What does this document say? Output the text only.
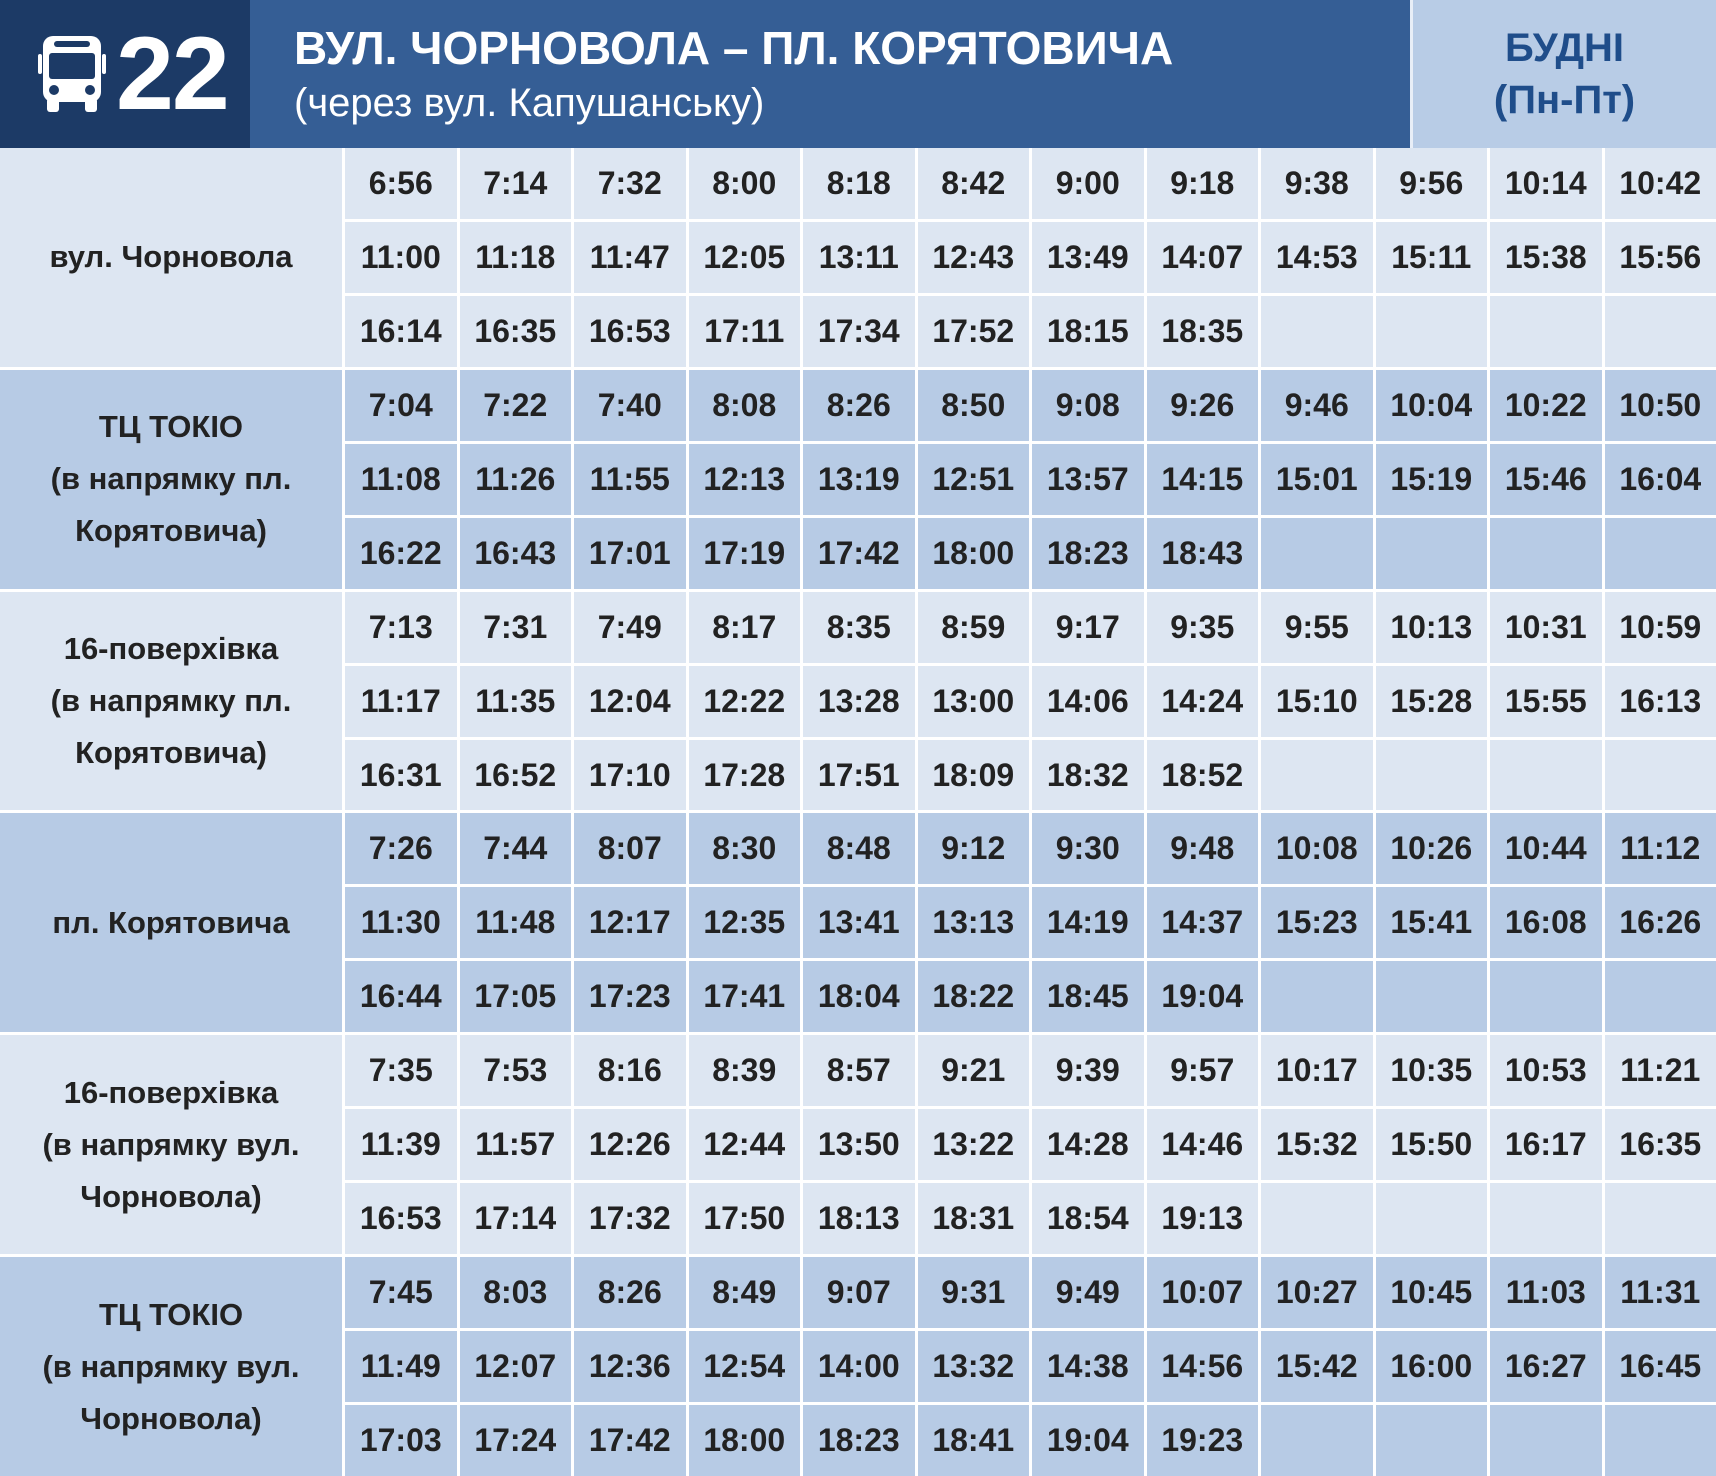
22 ВУЛ. ЧОРНОВОЛА – ПЛ. КОРЯТОВИЧА
(через вул. Капушанську)
БУДНІ
(Пн-Пт)
вул. Чорновола
6:56	7:14	7:32	8:00	8:18	8:42	9:00	9:18	9:38	9:56	10:14	10:42
11:00	11:18	11:47	12:05	13:11	12:43	13:49	14:07	14:53	15:11	15:38	15:56
16:14	16:35	16:53	17:11	17:34	17:52	18:15	18:35
ТЦ ТОКІО
(в напрямку пл.
Корятовича)
7:04	7:22	7:40	8:08	8:26	8:50	9:08	9:26	9:46	10:04	10:22	10:50
11:08	11:26	11:55	12:13	13:19	12:51	13:57	14:15	15:01	15:19	15:46	16:04
16:22	16:43	17:01	17:19	17:42	18:00	18:23	18:43
16-поверхівка
(в напрямку пл.
Корятовича)
7:13	7:31	7:49	8:17	8:35	8:59	9:17	9:35	9:55	10:13	10:31	10:59
11:17	11:35	12:04	12:22	13:28	13:00	14:06	14:24	15:10	15:28	15:55	16:13
16:31	16:52	17:10	17:28	17:51	18:09	18:32	18:52
пл. Корятовича
7:26	7:44	8:07	8:30	8:48	9:12	9:30	9:48	10:08	10:26	10:44	11:12
11:30	11:48	12:17	12:35	13:41	13:13	14:19	14:37	15:23	15:41	16:08	16:26
16:44	17:05	17:23	17:41	18:04	18:22	18:45	19:04
16-поверхівка
(в напрямку вул.
Чорновола)
7:35	7:53	8:16	8:39	8:57	9:21	9:39	9:57	10:17	10:35	10:53	11:21
11:39	11:57	12:26	12:44	13:50	13:22	14:28	14:46	15:32	15:50	16:17	16:35
16:53	17:14	17:32	17:50	18:13	18:31	18:54	19:13
ТЦ ТОКІО
(в напрямку вул.
Чорновола)
7:45	8:03	8:26	8:49	9:07	9:31	9:49	10:07	10:27	10:45	11:03	11:31
11:49	12:07	12:36	12:54	14:00	13:32	14:38	14:56	15:42	16:00	16:27	16:45
17:03	17:24	17:42	18:00	18:23	18:41	19:04	19:23
